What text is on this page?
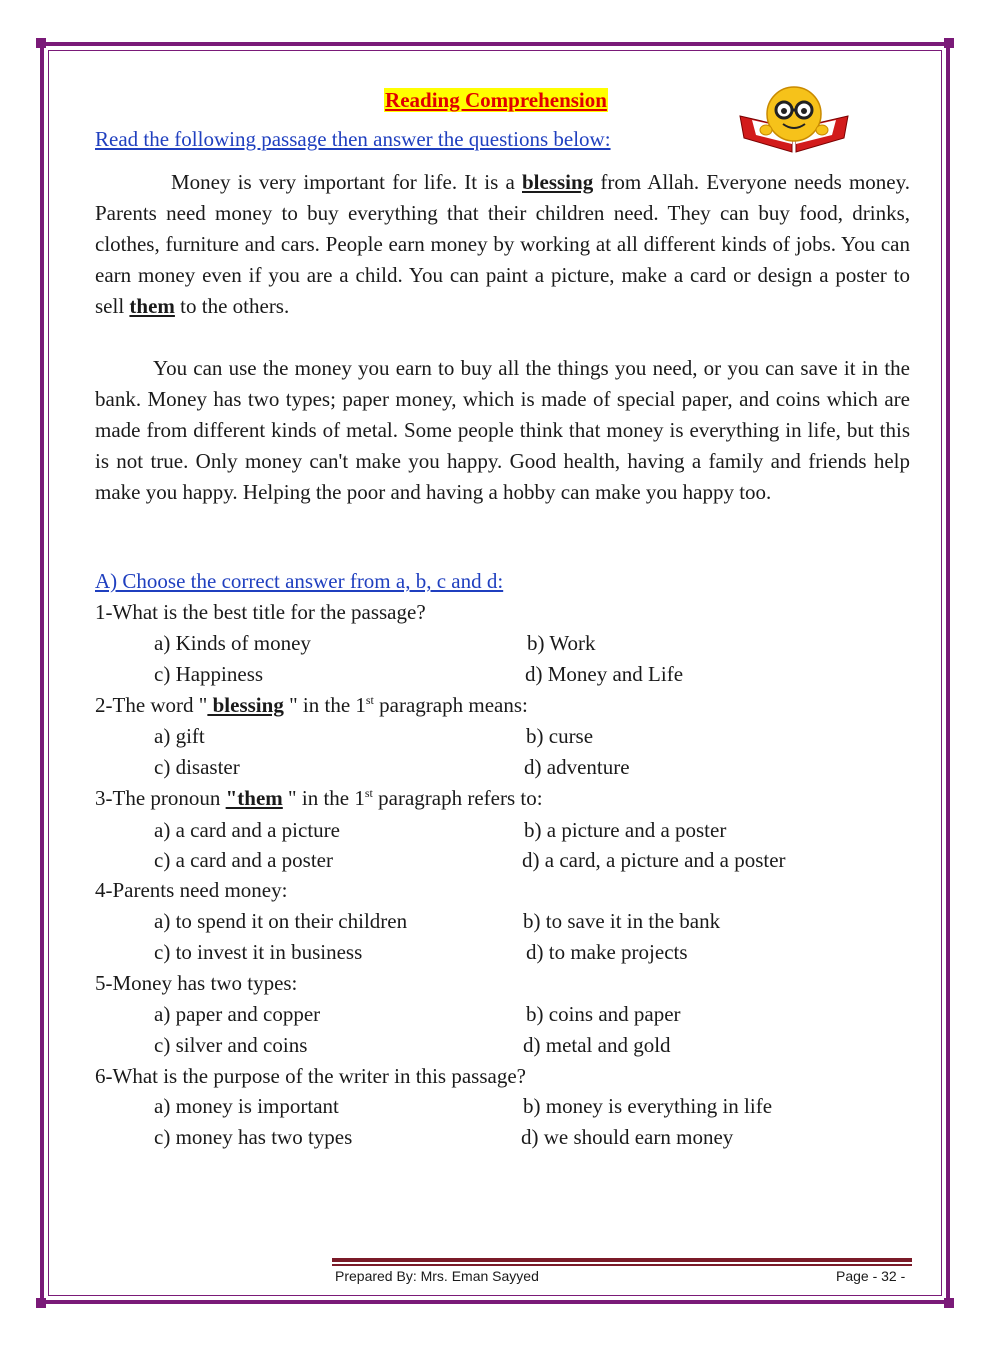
Reading Comprehension
Read the following passage then answer the questions below:

Money is very important for life. It is a blessing from Allah. Everyone needs money. Parents need money to buy everything that their children need. They can buy food, drinks, clothes, furniture and cars. People earn money by working at all different kinds of jobs. You can earn money even if you are a child. You can paint a picture, make a card or design a poster to sell them to the others.

You can use the money you earn to buy all the things you need, or you can save it in the bank. Money has two types; paper money, which is made of special paper, and coins which are made from different kinds of metal. Some people think that money is everything in life, but this is not true. Only money can't make you happy. Good health, having a family and friends help make you happy. Helping the poor and having a hobby can make you happy too.

A) Choose the correct answer from a, b, c and d:
1-What is the best title for the passage?
a) Kinds of money	b) Work
c) Happiness	d) Money and Life
2-The word " blessing " in the 1st paragraph means:
a) gift	b) curse
c) disaster	d) adventure
3-The pronoun "them " in the 1st paragraph refers to:
a) a card and a picture	b) a picture and a poster
c) a card and a poster	d) a card, a picture and a poster
4-Parents need money:
a) to spend it on their children	b) to save it in the bank
c) to invest it in business	d) to make projects
5-Money has two types:
a) paper and copper	b) coins and paper
c) silver and coins	d) metal and gold
6-What is the purpose of the writer in this passage?
a) money is important	b) money is everything in life
c) money has two types	d) we should earn money
Prepared By: Mrs. Eman Sayyed	Page - 32 -
